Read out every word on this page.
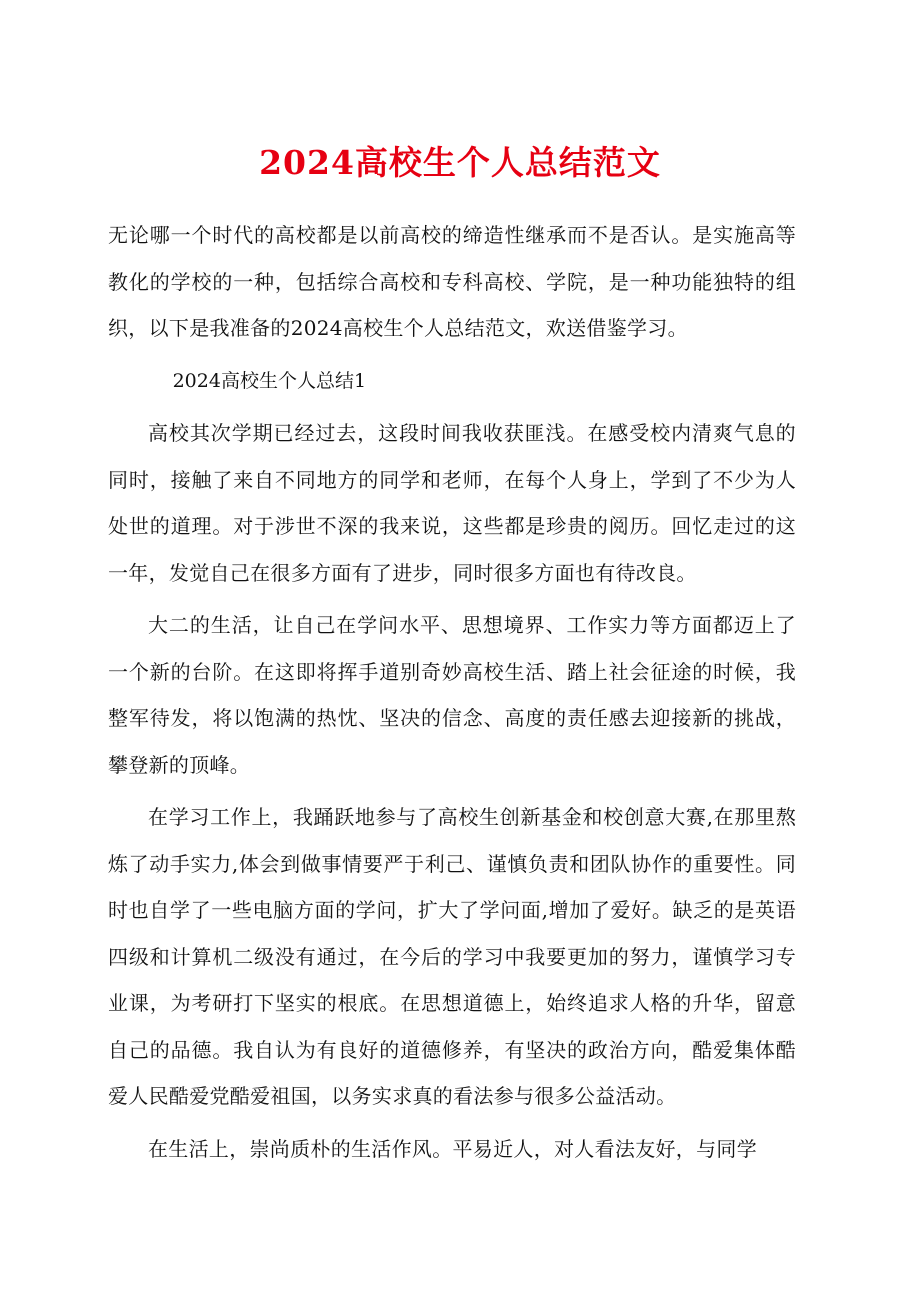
2024高校生个人总结范文

无论哪一个时代的高校都是以前高校的缔造性继承而不是否认。是实施高等教化的学校的一种，包括综合高校和专科高校、学院，是一种功能独特的组织，以下是我准备的2024高校生个人总结范文，欢送借鉴学习。

2024高校生个人总结1

高校其次学期已经过去，这段时间我收获匪浅。在感受校内清爽气息的同时，接触了来自不同地方的同学和老师，在每个人身上，学到了不少为人处世的道理。对于涉世不深的我来说，这些都是珍贵的阅历。回忆走过的这一年，发觉自己在很多方面有了进步，同时很多方面也有待改良。

大二的生活，让自己在学问水平、思想境界、工作实力等方面都迈上了一个新的台阶。在这即将挥手道别奇妙高校生活、踏上社会征途的时候，我整军待发，将以饱满的热忱、坚决的信念、高度的责任感去迎接新的挑战，攀登新的顶峰。

在学习工作上，我踊跃地参与了高校生创新基金和校创意大赛,在那里熬炼了动手实力,体会到做事情要严于利己、谨慎负责和团队协作的重要性。同时也自学了一些电脑方面的学问，扩大了学问面,增加了爱好。缺乏的是英语四级和计算机二级没有通过，在今后的学习中我要更加的努力，谨慎学习专业课，为考研打下坚实的根底。在思想道德上，始终追求人格的升华，留意自己的品德。我自认为有良好的道德修养，有坚决的政治方向，酷爱集体酷爱人民酷爱党酷爱祖国，以务实求真的看法参与很多公益活动。

在生活上，崇尚质朴的生活作风。平易近人，对人看法友好，与同学
